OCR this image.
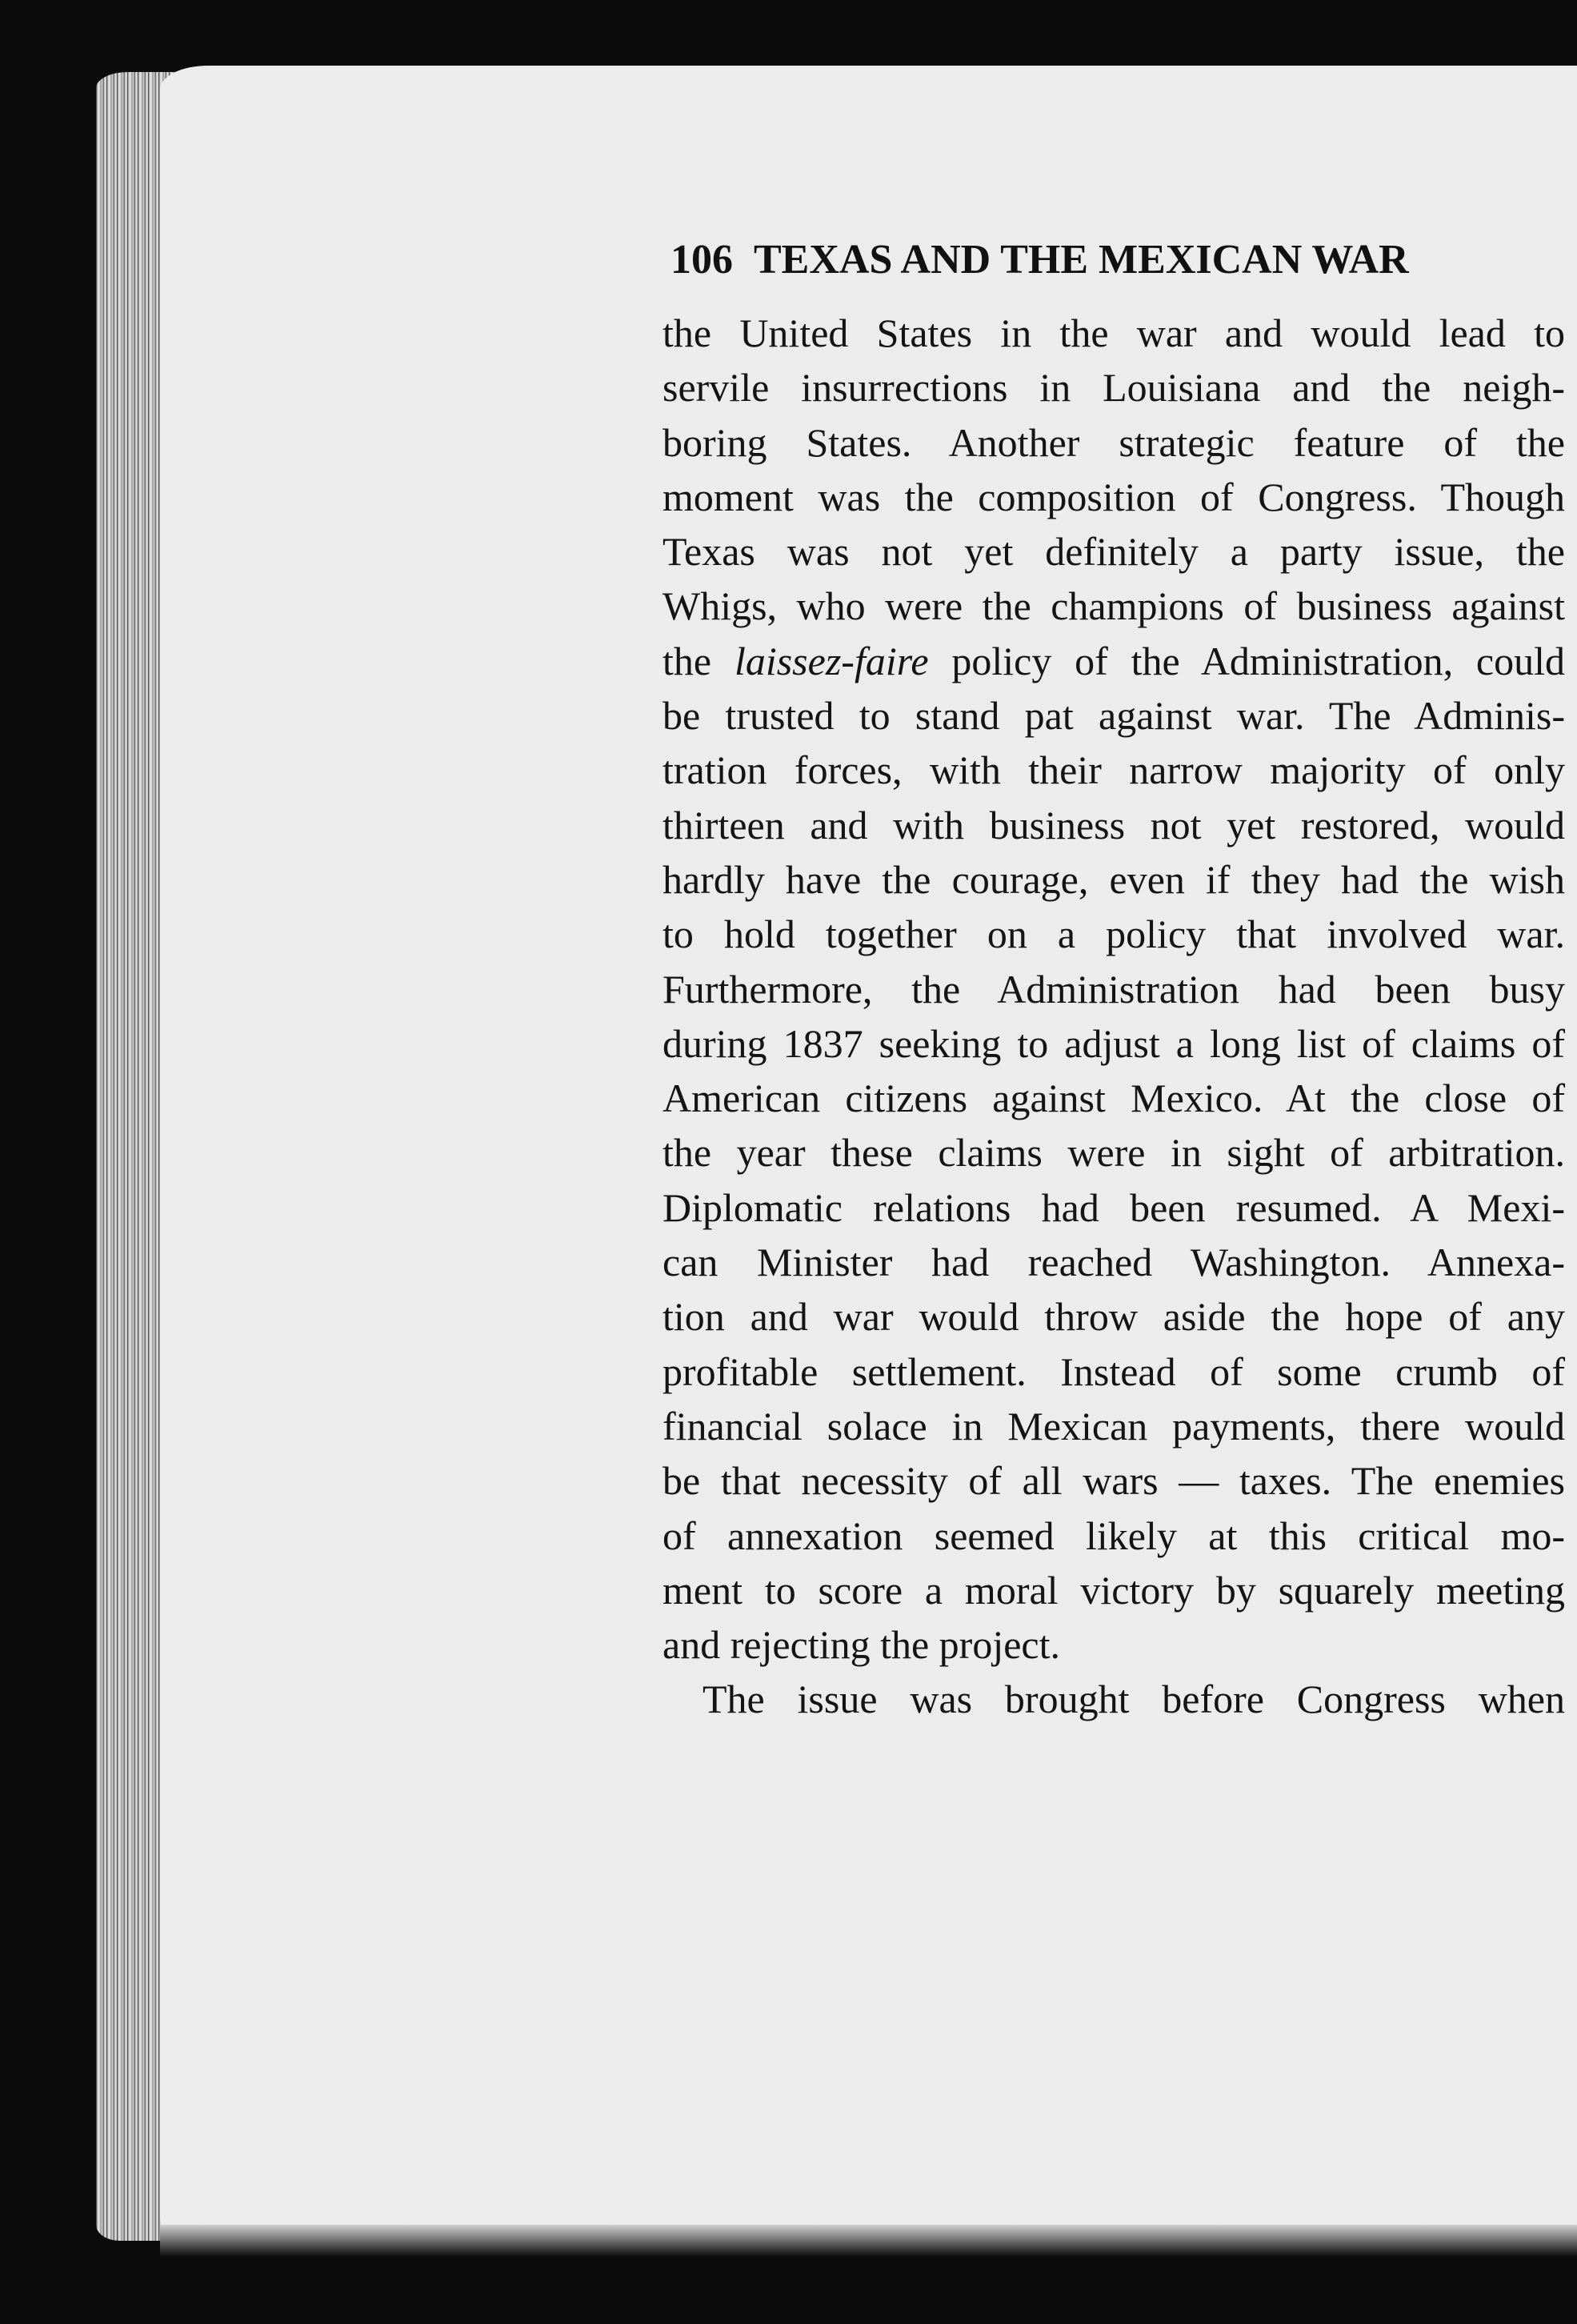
106 TEXAS AND THE MEXICAN WAR
the United States in the war and would lead to
servile insurrections in Louisiana and the neigh-
boring States. Another strategic feature of the
moment was the composition of Congress. Though
Texas was not yet definitely a party issue, the
Whigs, who were the champions of business against
the laissez-faire policy of the Administration, could
be trusted to stand pat against war. The Adminis-
tration forces, with their narrow majority of only
thirteen and with business not yet restored, would
hardly have the courage, even if they had the wish
to hold together on a policy that involved war.
Furthermore, the Administration had been busy
during 1837 seeking to adjust a long list of claims of
American citizens against Mexico. At the close of
the year these claims were in sight of arbitration.
Diplomatic relations had been resumed. A Mexi-
can Minister had reached Washington. Annexa-
tion and war would throw aside the hope of any
profitable settlement. Instead of some crumb of
financial solace in Mexican payments, there would
be that necessity of all wars — taxes. The enemies
of annexation seemed likely at this critical mo-
ment to score a moral victory by squarely meeting
and rejecting the project.
The issue was brought before Congress when
